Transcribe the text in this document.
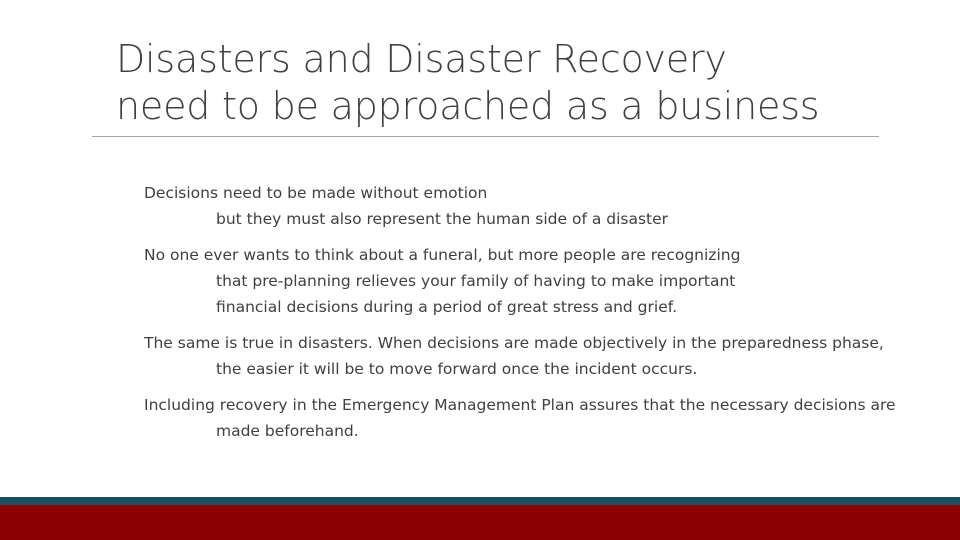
Disasters and Disaster Recovery
need to be approached as a business

Decisions need to be made without emotion
but they must also represent the human side of a disaster

No one ever wants to think about a funeral, but more people are recognizing
that pre-planning relieves your family of having to make important
financial decisions during a period of great stress and grief.

The same is true in disasters. When decisions are made objectively in the preparedness phase,
the easier it will be to move forward once the incident occurs.

Including recovery in the Emergency Management Plan assures that the necessary decisions are
made beforehand.
